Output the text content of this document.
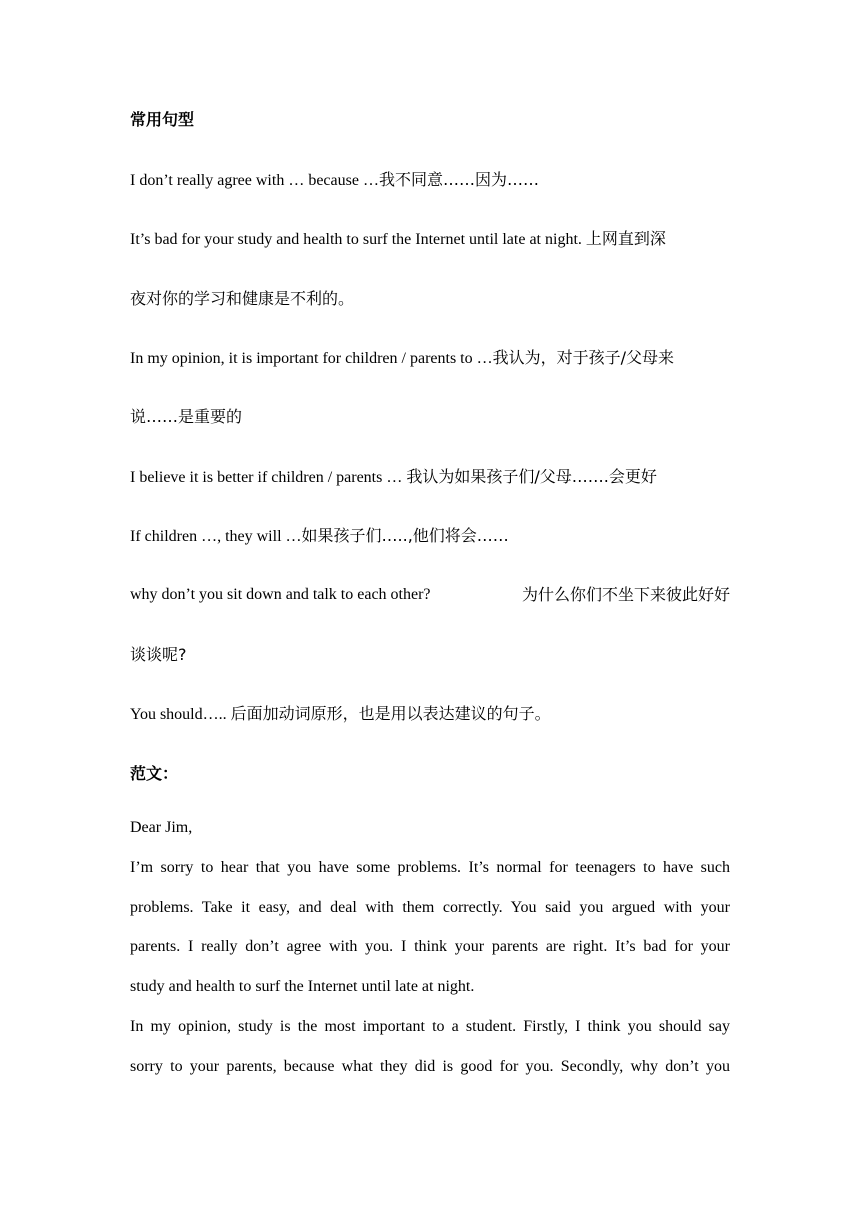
常用句型
I don’t really agree with … because …我不同意……因为……
It’s bad for your study and health to surf the Internet until late at night. 上网直到深
夜对你的学习和健康是不利的。
In my opinion, it is important for children / parents to …我认为，对于孩子/父母来
说……是重要的
I believe it is better if children / parents … 我认为如果孩子们/父母…….会更好
If children …, they will …如果孩子们…..,他们将会……
why don’t you sit down and talk to each other?	为什么你们不坐下来彼此好好
谈谈呢?
You should….. 后面加动词原形，也是用以表达建议的句子。
范文：
Dear Jim,
I’m sorry to hear that you have some problems. It’s normal for teenagers to have such
problems. Take it easy, and deal with them correctly. You said you argued with your
parents. I really don’t agree with you. I think your parents are right. It’s bad for your
study and health to surf the Internet until late at night.
In my opinion, study is the most important to a student. Firstly, I think you should say
sorry to your parents, because what they did is good for you. Secondly, why don’t you
